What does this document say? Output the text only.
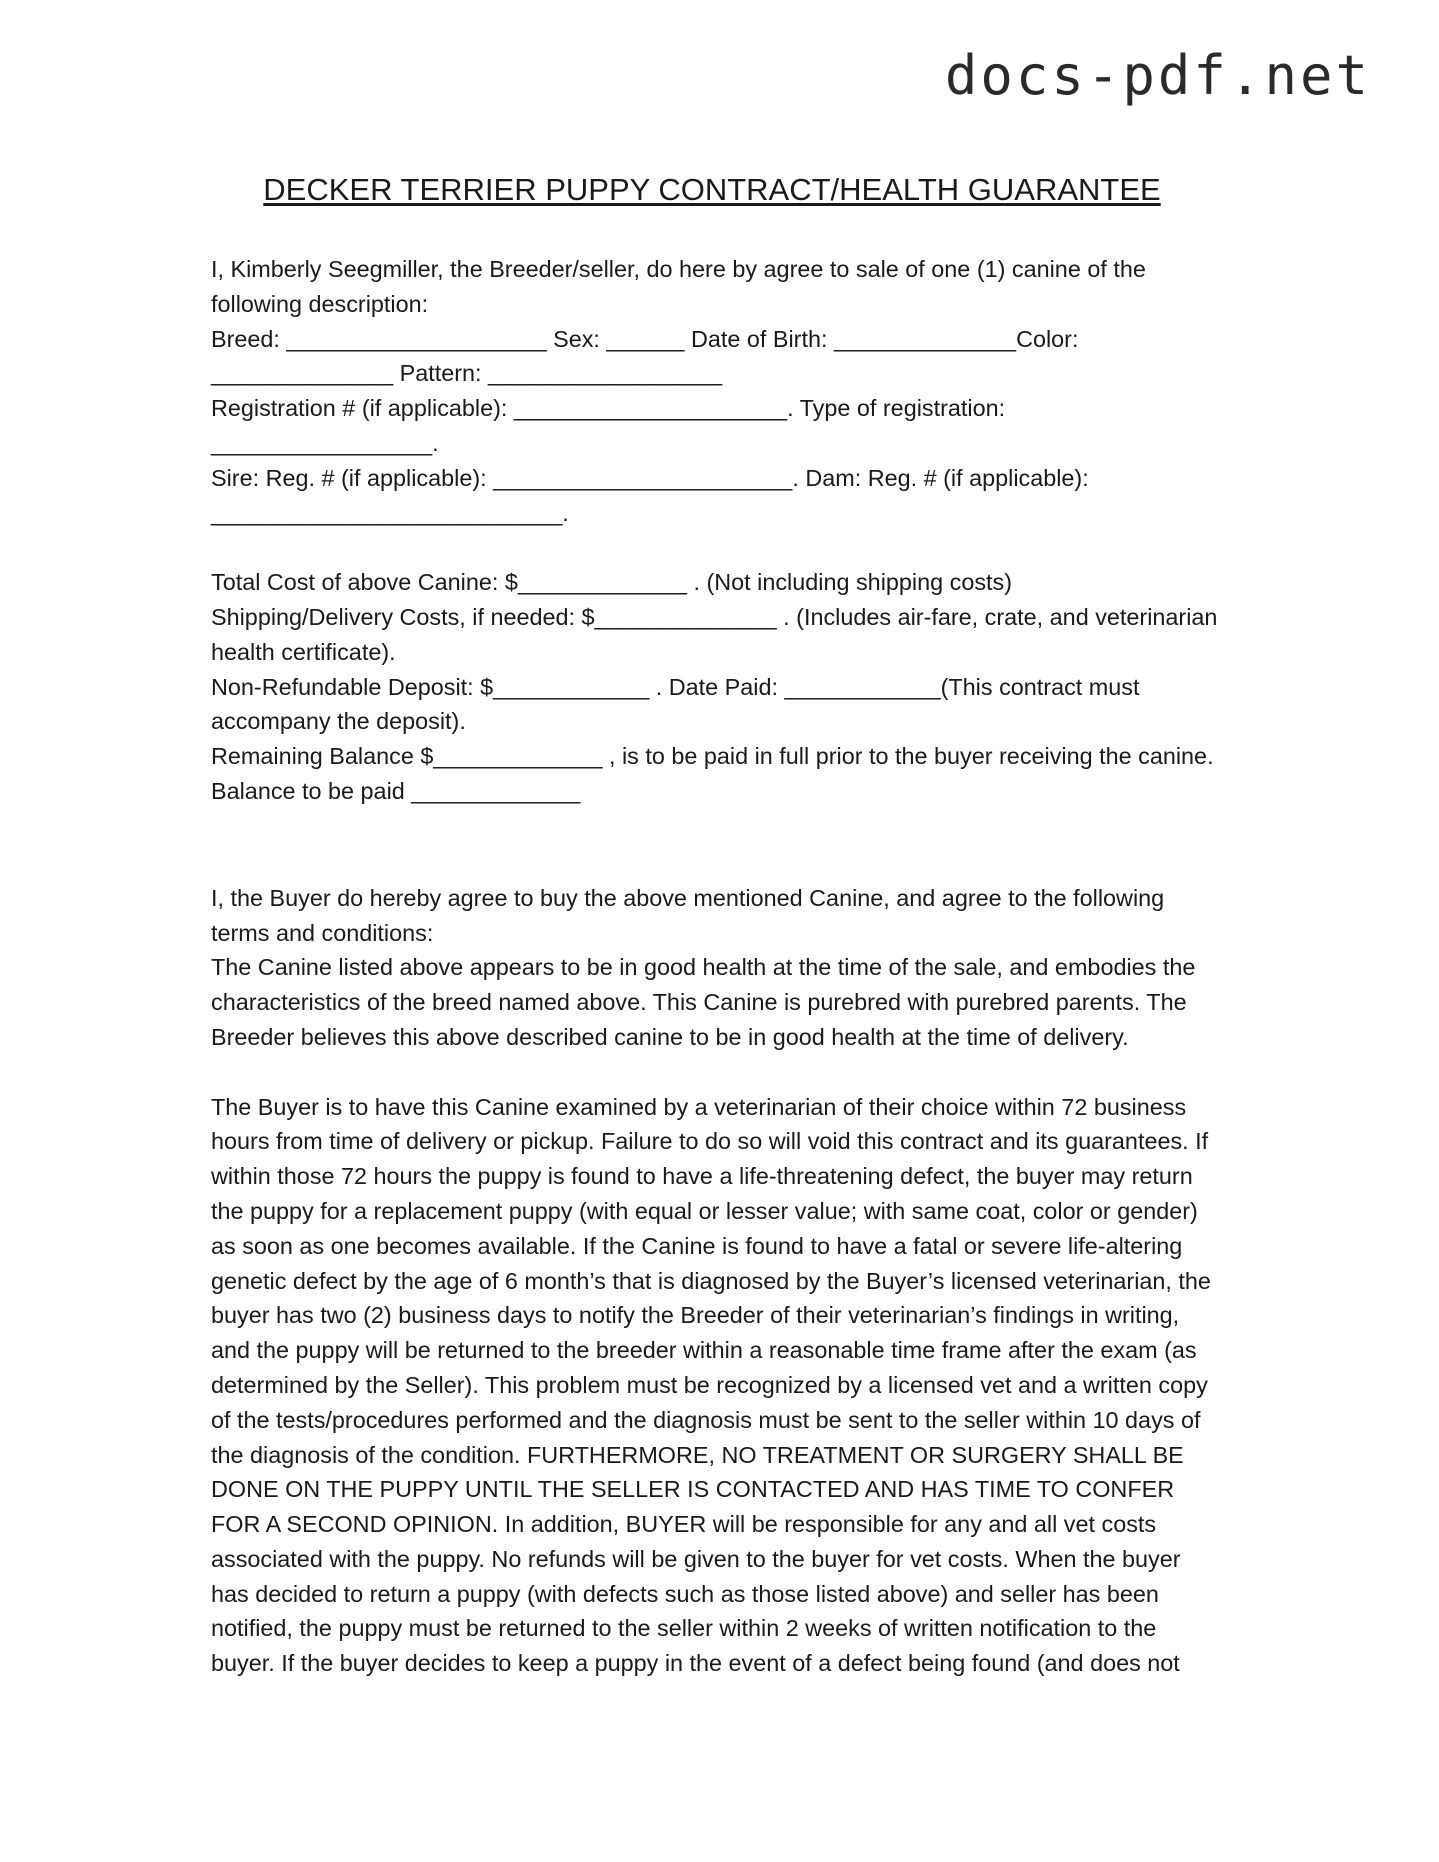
docs-pdf.net
DECKER TERRIER PUPPY CONTRACT/HEALTH GUARANTEE

I, Kimberly Seegmiller, the Breeder/seller, do here by agree to sale of one (1) canine of the

following description:

Breed: ____________________ Sex: ______ Date of Birth: ______________Color:

______________ Pattern: __________________

Registration # (if applicable): _____________________. Type of registration:

_________________.

Sire: Reg. # (if applicable): _______________________. Dam: Reg. # (if applicable):

___________________________.

Total Cost of above Canine: $_____________ . (Not including shipping costs)

Shipping/Delivery Costs, if needed: $______________ . (Includes air-fare, crate, and veterinarian

health certificate).

Non-Refundable Deposit: $____________ . Date Paid: ____________(This contract must

accompany the deposit).

Remaining Balance $_____________ , is to be paid in full prior to the buyer receiving the canine.

Balance to be paid _____________

I, the Buyer do hereby agree to buy the above mentioned Canine, and agree to the following

terms and conditions:

The Canine listed above appears to be in good health at the time of the sale, and embodies the

characteristics of the breed named above. This Canine is purebred with purebred parents. The

Breeder believes this above described canine to be in good health at the time of delivery.

The Buyer is to have this Canine examined by a veterinarian of their choice within 72 business

hours from time of delivery or pickup. Failure to do so will void this contract and its guarantees. If

within those 72 hours the puppy is found to have a life-threatening defect, the buyer may return

the puppy for a replacement puppy (with equal or lesser value; with same coat, color or gender)

as soon as one becomes available. If the Canine is found to have a fatal or severe life-altering

genetic defect by the age of 6 month’s that is diagnosed by the Buyer’s licensed veterinarian, the

buyer has two (2) business days to notify the Breeder of their veterinarian’s findings in writing,

and the puppy will be returned to the breeder within a reasonable time frame after the exam (as

determined by the Seller). This problem must be recognized by a licensed vet and a written copy

of the tests/procedures performed and the diagnosis must be sent to the seller within 10 days of

the diagnosis of the condition. FURTHERMORE, NO TREATMENT OR SURGERY SHALL BE

DONE ON THE PUPPY UNTIL THE SELLER IS CONTACTED AND HAS TIME TO CONFER

FOR A SECOND OPINION. In addition, BUYER will be responsible for any and all vet costs

associated with the puppy. No refunds will be given to the buyer for vet costs. When the buyer

has decided to return a puppy (with defects such as those listed above) and seller has been

notified, the puppy must be returned to the seller within 2 weeks of written notification to the

buyer. If the buyer decides to keep a puppy in the event of a defect being found (and does not
